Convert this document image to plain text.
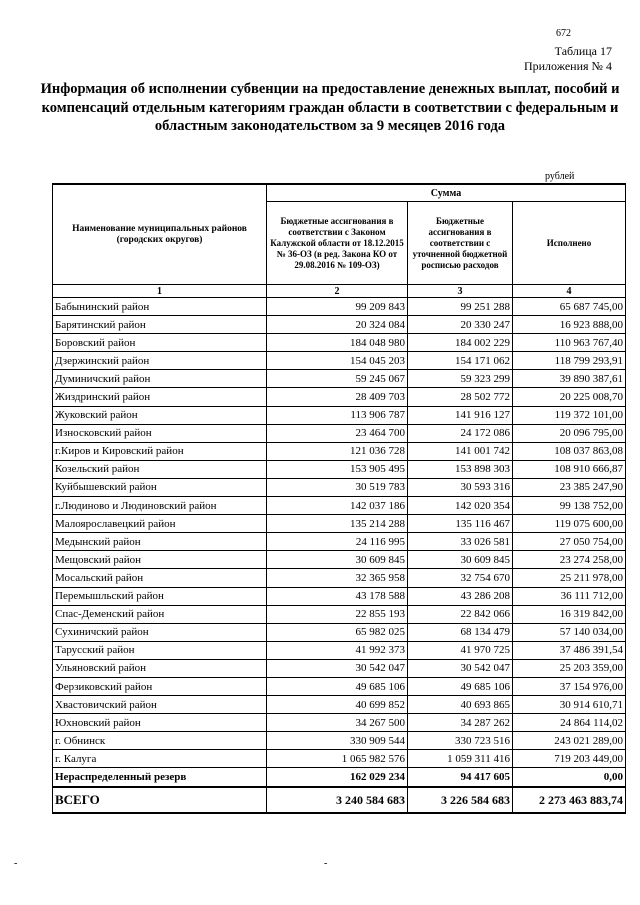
672
Таблица 17
Приложения № 4
Информация об исполнении субвенции на предоставление денежных выплат, пособий и компенсаций отдельным категориям граждан области в соответствии с федеральным и областным законодательством за 9 месяцев 2016 года
рублей
Наименование муниципальных районов (городских округов)	Сумма		
	Бюджетные ассигнования в соответствии с Законом Калужской области от 18.12.2015 № 36-ОЗ (в ред. Закона КО от 29.08.2016 № 109-ОЗ)	Бюджетные ассигнования в соответствии с уточненной бюджетной росписью расходов	Исполнено
1	2	3	4
Бабынинский район	99 209 843	99 251 288	65 687 745,00
Барятинский район	20 324 084	20 330 247	16 923 888,00
Боровский район	184 048 980	184 002 229	110 963 767,40
Дзержинский район	154 045 203	154 171 062	118 799 293,91
Думиничский район	59 245 067	59 323 299	39 890 387,61
Жиздринский район	28 409 703	28 502 772	20 225 008,70
Жуковский район	113 906 787	141 916 127	119 372 101,00
Износковский район	23 464 700	24 172 086	20 096 795,00
г.Киров и Кировский район	121 036 728	141 001 742	108 037 863,08
Козельский район	153 905 495	153 898 303	108 910 666,87
Куйбышевский район	30 519 783	30 593 316	23 385 247,90
г.Людиново и Людиновский район	142 037 186	142 020 354	99 138 752,00
Малоярославецкий район	135 214 288	135 116 467	119 075 600,00
Медынский район	24 116 995	33 026 581	27 050 754,00
Мещовский район	30 609 845	30 609 845	23 274 258,00
Мосальский район	32 365 958	32 754 670	25 211 978,00
Перемышльский район	43 178 588	43 286 208	36 111 712,00
Спас-Деменский район	22 855 193	22 842 066	16 319 842,00
Сухиничский район	65 982 025	68 134 479	57 140 034,00
Тарусский район	41 992 373	41 970 725	37 486 391,54
Ульяновский район	30 542 047	30 542 047	25 203 359,00
Ферзиковский район	49 685 106	49 685 106	37 154 976,00
Хвастовичский район	40 699 852	40 693 865	30 914 610,71
Юхновский район	34 267 500	34 287 262	24 864 114,02
г. Обнинск	330 909 544	330 723 516	243 021 289,00
г. Калуга	1 065 982 576	1 059 311 416	719 203 449,00
Нераспределенный резерв	162 029 234	94 417 605	0,00
ВСЕГО	3 240 584 683	3 226 584 683	2 273 463 883,74
-	-
